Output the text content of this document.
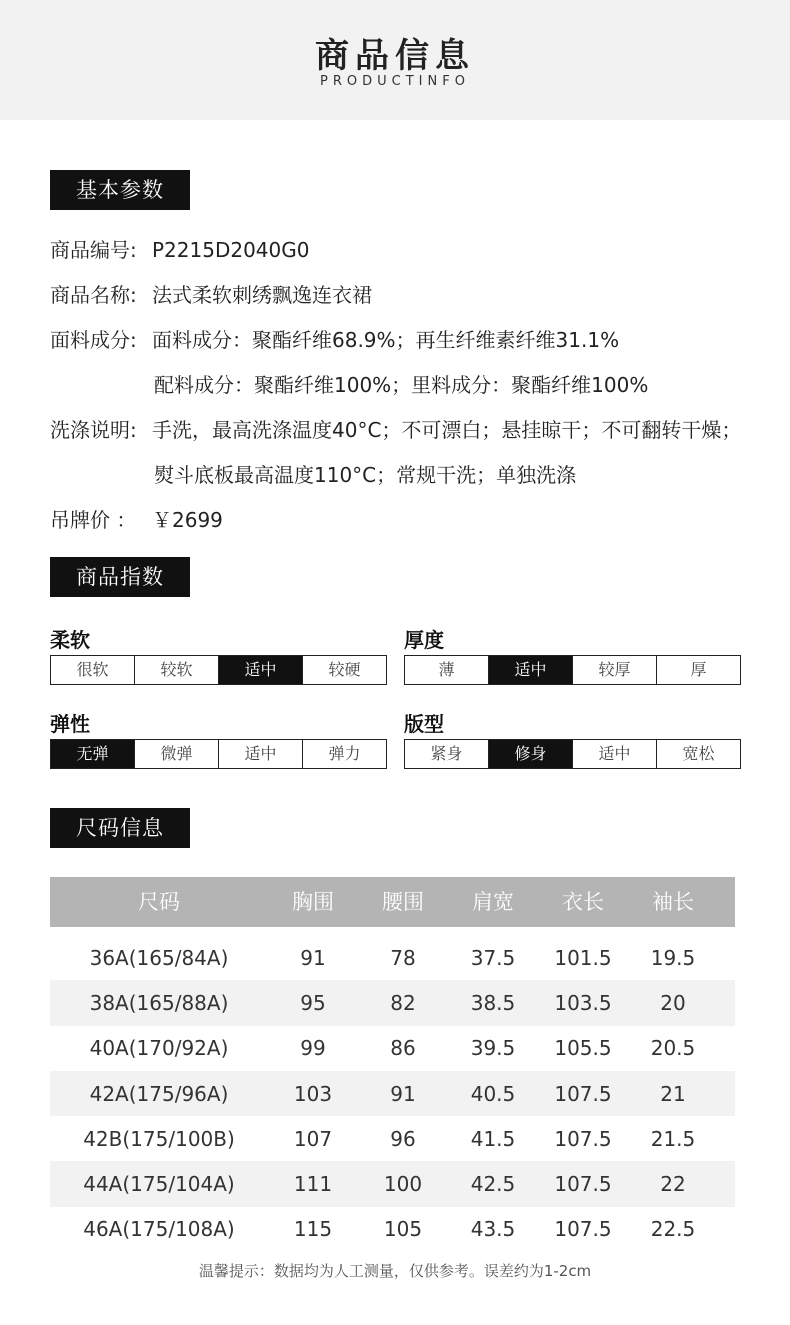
商品信息
PRODUCTINFO
基本参数
商品编号: P2215D2040G0
商品名称: 法式柔软刺绣飘逸连衣裙
面料成分: 面料成分：聚酯纤维68.9%；再生纤维素纤维31.1%
配料成分：聚酯纤维100%；里料成分：聚酯纤维100%
洗涤说明: 手洗，最高洗涤温度40°C；不可漂白；悬挂晾干；不可翻转干燥；
熨斗底板最高温度110°C；常规干洗；单独洗涤
吊牌价 ： ￥2699
商品指数
柔软
很软	较软	适中	较硬
厚度
薄	适中	较厚	厚
弹性
无弹	微弹	适中	弹力
版型
紧身	修身	适中	宽松
尺码信息
尺码	胸围	腰围	肩宽	衣长	袖长
36A(165/84A)	91	78	37.5	101.5	19.5
38A(165/88A)	95	82	38.5	103.5	20
40A(170/92A)	99	86	39.5	105.5	20.5
42A(175/96A)	103	91	40.5	107.5	21
42B(175/100B)	107	96	41.5	107.5	21.5
44A(175/104A)	111	100	42.5	107.5	22
46A(175/108A)	115	105	43.5	107.5	22.5
温馨提示：数据均为人工测量，仅供参考。误差约为1-2cm
